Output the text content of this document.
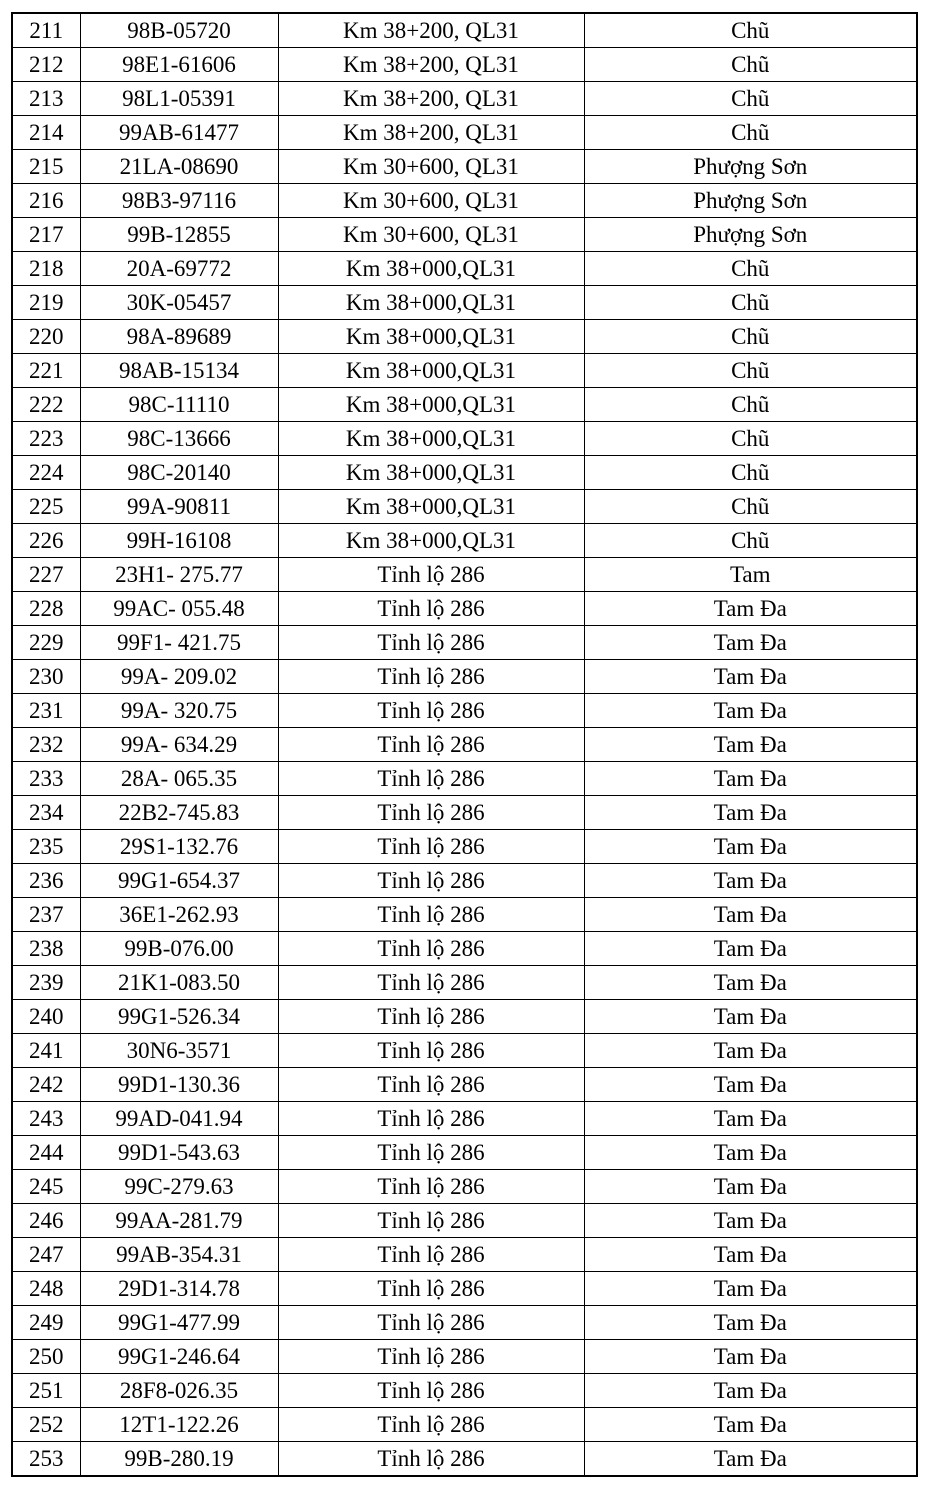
211	98B-05720	Km 38+200, QL31	Chũ
212	98E1-61606	Km 38+200, QL31	Chũ
213	98L1-05391	Km 38+200, QL31	Chũ
214	99AB-61477	Km 38+200, QL31	Chũ
215	21LA-08690	Km 30+600, QL31	Phượng Sơn
216	98B3-97116	Km 30+600, QL31	Phượng Sơn
217	99B-12855	Km 30+600, QL31	Phượng Sơn
218	20A-69772	Km 38+000,QL31	Chũ
219	30K-05457	Km 38+000,QL31	Chũ
220	98A-89689	Km 38+000,QL31	Chũ
221	98AB-15134	Km 38+000,QL31	Chũ
222	98C-11110	Km 38+000,QL31	Chũ
223	98C-13666	Km 38+000,QL31	Chũ
224	98C-20140	Km 38+000,QL31	Chũ
225	99A-90811	Km 38+000,QL31	Chũ
226	99H-16108	Km 38+000,QL31	Chũ
227	23H1- 275.77	Tỉnh lộ 286	Tam
228	99AC- 055.48	Tỉnh lộ 286	Tam Đa
229	99F1- 421.75	Tỉnh lộ 286	Tam Đa
230	99A- 209.02	Tỉnh lộ 286	Tam Đa
231	99A- 320.75	Tỉnh lộ 286	Tam Đa
232	99A- 634.29	Tỉnh lộ 286	Tam Đa
233	28A- 065.35	Tỉnh lộ 286	Tam Đa
234	22B2-745.83	Tỉnh lộ 286	Tam Đa
235	29S1-132.76	Tỉnh lộ 286	Tam Đa
236	99G1-654.37	Tỉnh lộ 286	Tam Đa
237	36E1-262.93	Tỉnh lộ 286	Tam Đa
238	99B-076.00	Tỉnh lộ 286	Tam Đa
239	21K1-083.50	Tỉnh lộ 286	Tam Đa
240	99G1-526.34	Tỉnh lộ 286	Tam Đa
241	30N6-3571	Tỉnh lộ 286	Tam Đa
242	99D1-130.36	Tỉnh lộ 286	Tam Đa
243	99AD-041.94	Tỉnh lộ 286	Tam Đa
244	99D1-543.63	Tỉnh lộ 286	Tam Đa
245	99C-279.63	Tỉnh lộ 286	Tam Đa
246	99AA-281.79	Tỉnh lộ 286	Tam Đa
247	99AB-354.31	Tỉnh lộ 286	Tam Đa
248	29D1-314.78	Tỉnh lộ 286	Tam Đa
249	99G1-477.99	Tỉnh lộ 286	Tam Đa
250	99G1-246.64	Tỉnh lộ 286	Tam Đa
251	28F8-026.35	Tỉnh lộ 286	Tam Đa
252	12T1-122.26	Tỉnh lộ 286	Tam Đa
253	99B-280.19	Tỉnh lộ 286	Tam Đa
